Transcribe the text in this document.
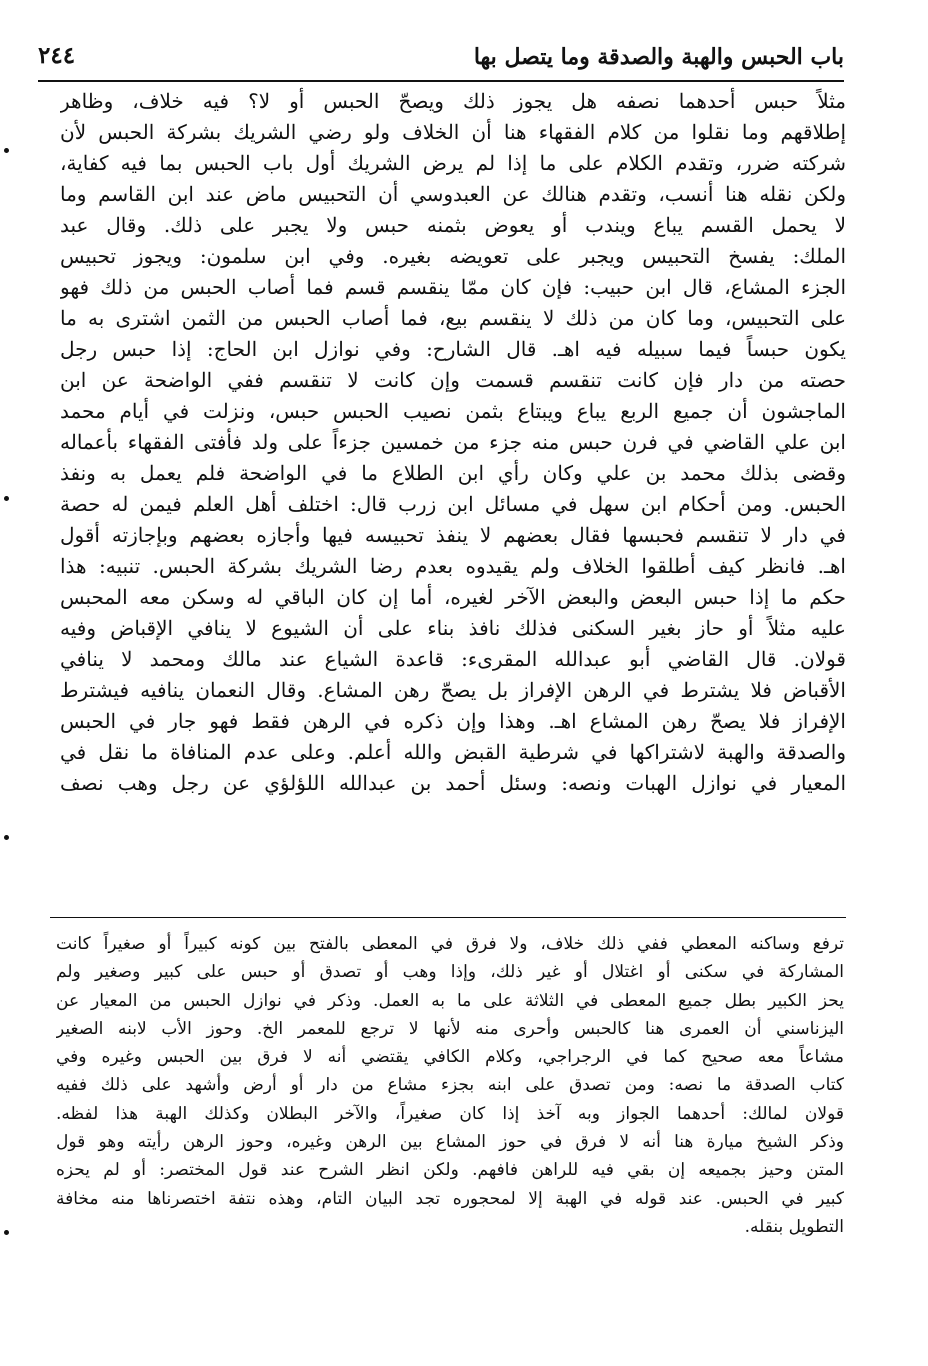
باب الحبس والهبة والصدقة وما يتصل بها
٢٤٤
مثلاً حبس أحدهما نصفه هل يجوز ذلك ويصحّ الحبس أو لا؟ فيه خلاف، وظاهر
إطلاقهم وما نقلوا من كلام الفقهاء هنا أن الخلاف ولو رضي الشريك بشركة الحبس لأن
شركته ضرر، وتقدم الكلام على ما إذا لم يرض الشريك أول باب الحبس بما فيه كفاية،
ولكن نقله هنا أنسب، وتقدم هنالك عن العبدوسي أن التحبيس ماض عند ابن القاسم وما
لا يحمل القسم يباع ويندب أو يعوض بثمنه حبس ولا يجبر على ذلك. وقال عبد
الملك: يفسخ التحبيس ويجبر على تعويضه بغيره. وفي ابن سلمون: ويجوز تحبيس
الجزء المشاع، قال ابن حبيب: فإن كان ممّا ينقسم قسم فما أصاب الحبس من ذلك فهو
على التحبيس، وما كان من ذلك لا ينقسم بيع، فما أصاب الحبس من الثمن اشترى به ما
يكون حبساً فيما سبيله فيه اهـ. قال الشارح: وفي نوازل ابن الحاج: إذا حبس رجل
حصته من دار فإن كانت تنقسم قسمت وإن كانت لا تنقسم ففي الواضحة عن ابن
الماجشون أن جميع الربع يباع ويبتاع بثمن نصيب الحبس حبس، ونزلت في أيام محمد
ابن علي القاضي في فرن حبس منه جزء من خمسين جزءاً على ولد فأفتى الفقهاء بأعماله
وقضى بذلك محمد بن علي وكان رأي ابن الطلاع ما في الواضحة فلم يعمل به ونفذ
الحبس. ومن أحكام ابن سهل في مسائل ابن زرب قال: اختلف أهل العلم فيمن له حصة
في دار لا تنقسم فحبسها فقال بعضهم لا ينفذ تحبيسه فيها وأجازه بعضهم وبإجازته أقول
اهـ. فانظر كيف أطلقوا الخلاف ولم يقيدوه بعدم رضا الشريك بشركة الحبس. تنبيه: هذا
حكم ما إذا حبس البعض والبعض الآخر لغيره، أما إن كان الباقي له وسكن معه المحبس
عليه مثلاً أو حاز بغير السكنى فذلك نافذ بناء على أن الشيوع لا ينافي الإقباض وفيه
قولان. قال القاضي أبو عبدالله المقرىء: قاعدة الشياع عند مالك ومحمد لا ينافي
الأقباض فلا يشترط في الرهن الإفراز بل يصحّ رهن المشاع. وقال النعمان ينافيه فيشترط
الإفراز فلا يصحّ رهن المشاع اهـ. وهذا وإن ذكره في الرهن فقط فهو جار في الحبس
والصدقة والهبة لاشتراكها في شرطية القبض والله أعلم. وعلى عدم المنافاة ما نقل في
المعيار في نوازل الهبات ونصه: وسئل أحمد بن عبدالله اللؤلؤي عن رجل وهب نصف
ترفع وساكنه المعطي ففي ذلك خلاف، ولا فرق في المعطى بالفتح بين كونه كبيراً أو صغيراً كانت
المشاركة في سكنى أو اغتلال أو غير ذلك، وإذا وهب أو تصدق أو حبس على كبير وصغير ولم
يحز الكبير بطل جميع المعطى في الثلاثة على ما به العمل. وذكر في نوازل الحبس من المعيار عن
اليزناسني أن العمرى هنا كالحبس وأحرى منه لأنها لا ترجع للمعمر الخ. وحوز الأب لابنه الصغير
مشاعاً معه صحيح كما في الرجراجي، وكلام الكافي يقتضي أنه لا فرق بين الحبس وغيره وفي
كتاب الصدقة ما نصه: ومن تصدق على ابنه بجزء مشاع من دار أو أرض وأشهد على ذلك ففيه
قولان لمالك: أحدهما الجواز وبه آخذ إذا كان صغيراً، والآخر البطلان وكذلك الهبة هذا لفظه.
وذكر الشيخ ميارة هنا أنه لا فرق في حوز المشاع بين الرهن وغيره، وحوز الرهن رأيته وهو قول
المتن وحيز بجميعه إن بقي فيه للراهن فافهم. ولكن انظر الشرح عند قول المختصر: أو لم يحزه
كبير في الحبس. عند قوله في الهبة إلا لمحجوره تجد البيان التام، وهذه نتفة اختصرناها منه مخافة
التطويل بنقله.
